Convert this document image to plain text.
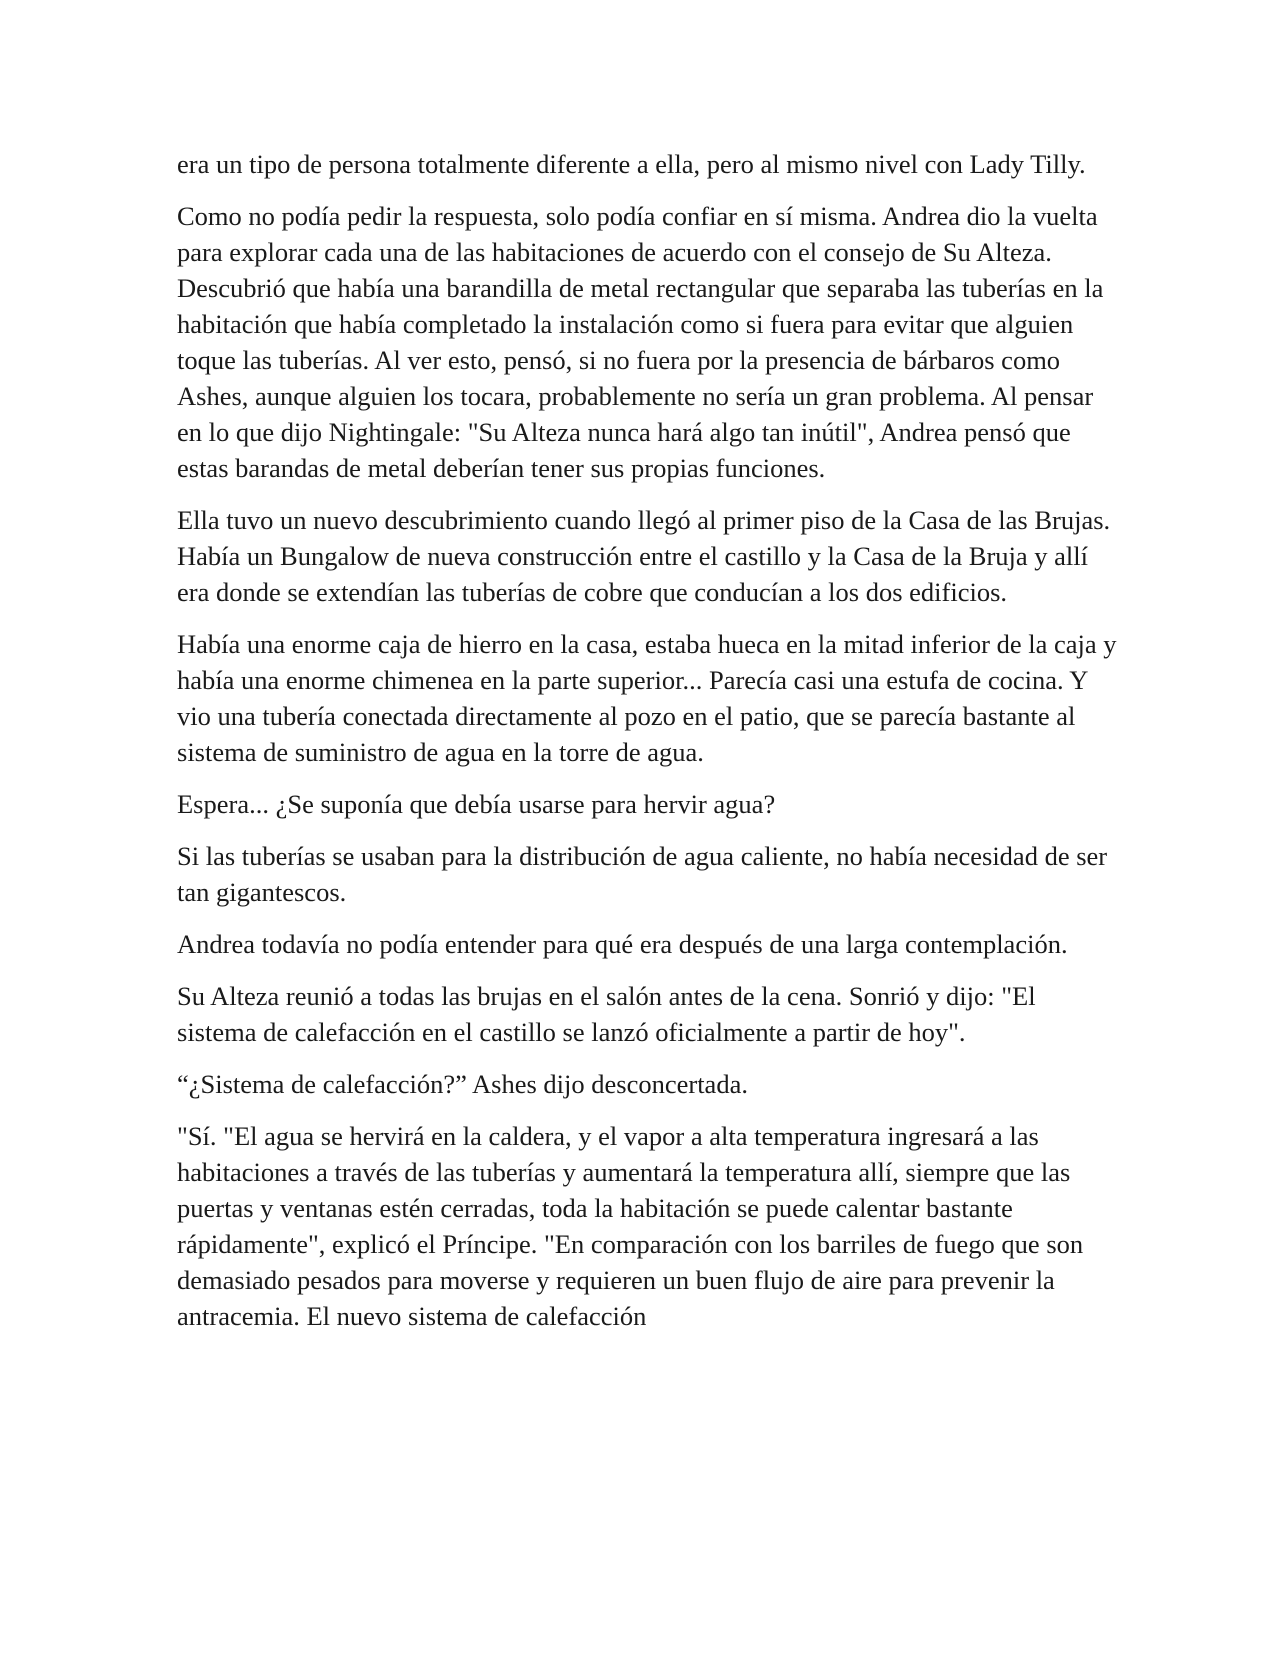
era un tipo de persona totalmente diferente a ella, pero al mismo nivel con Lady Tilly.

Como no podía pedir la respuesta, solo podía confiar en sí misma. Andrea dio la vuelta para explorar cada una de las habitaciones de acuerdo con el consejo de Su Alteza. Descubrió que había una barandilla de metal rectangular que separaba las tuberías en la habitación que había completado la instalación como si fuera para evitar que alguien toque las tuberías. Al ver esto, pensó, si no fuera por la presencia de bárbaros como Ashes, aunque alguien los tocara, probablemente no sería un gran problema. Al pensar en lo que dijo Nightingale: "Su Alteza nunca hará algo tan inútil", Andrea pensó que estas barandas de metal deberían tener sus propias funciones.

Ella tuvo un nuevo descubrimiento cuando llegó al primer piso de la Casa de las Brujas. Había un Bungalow de nueva construcción entre el castillo y la Casa de la Bruja y allí era donde se extendían las tuberías de cobre que conducían a los dos edificios.

Había una enorme caja de hierro en la casa, estaba hueca en la mitad inferior de la caja y había una enorme chimenea en la parte superior... Parecía casi una estufa de cocina. Y vio una tubería conectada directamente al pozo en el patio, que se parecía bastante al sistema de suministro de agua en la torre de agua.

Espera... ¿Se suponía que debía usarse para hervir agua?

Si las tuberías se usaban para la distribución de agua caliente, no había necesidad de ser tan gigantescos.

Andrea todavía no podía entender para qué era después de una larga contemplación.

Su Alteza reunió a todas las brujas en el salón antes de la cena. Sonrió y dijo: "El sistema de calefacción en el castillo se lanzó oficialmente a partir de hoy".

“¿Sistema de calefacción?” Ashes dijo desconcertada.

"Sí. "El agua se hervirá en la caldera, y el vapor a alta temperatura ingresará a las habitaciones a través de las tuberías y aumentará la temperatura allí, siempre que las puertas y ventanas estén cerradas, toda la habitación se puede calentar bastante rápidamente", explicó el Príncipe. "En comparación con los barriles de fuego que son demasiado pesados para moverse y requieren un buen flujo de aire para prevenir la antracemia. El nuevo sistema de calefacción
